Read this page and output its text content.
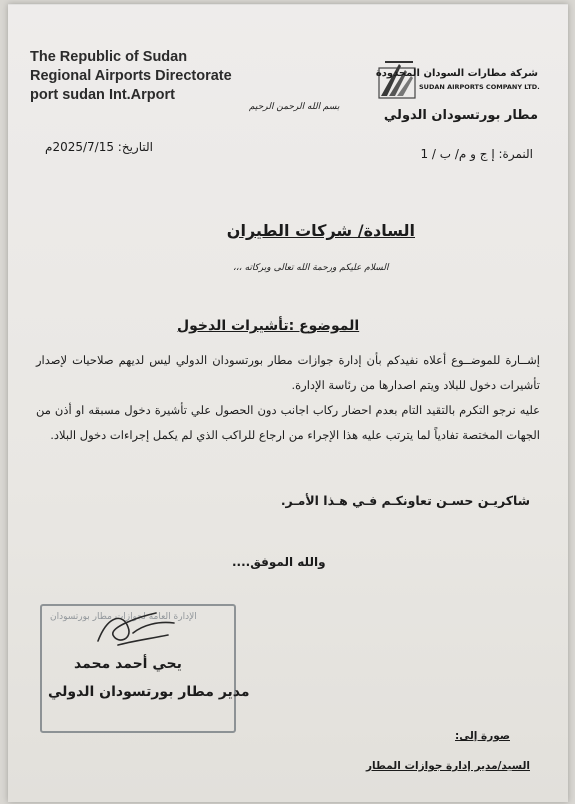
The Republic of Sudan
Regional Airports Directorate
port sudan Int.Arport
شركة مطارات السودان المحدودة
SUDAN AIRPORTS COMPANY LTD.
مطار بورتسودان الدولي
بسم الله الرحمن الرحيم
النمرة: إ ج و م/ ب / 1
التاريخ: 2025/7/15م
السادة/ شركات الطيران
السلام عليكم ورحمة الله تعالى وبركاته ،،،
الموضوع :تأشيرات الدخول

إشــارة للموضــوع أعلاه نفيدكم بأن إدارة جوازات مطار بورتسودان الدولي ليس لديهم صلاحيات لإصدار تأشيرات دخول للبلاد ويتم اصدارها من رئاسة الإدارة.

عليه نرجو التكرم بالتقيد التام بعدم احضار ركاب اجانب دون الحصول علي تأشيرة دخول مسبقه او أذن من الجهات المختصة تفادياً لما يترتب عليه هذا الإجراء من ارجاع للراكب الذي لم يكمل إجراءات دخول البلاد.

شاكريـن حسـن تعاونكـم فـي هـذا الأمـر.
والله الموفق....
الإدارة العامة لجوازات مطار بورتسودان
يحي أحمد محمد
مدير مطار بورتسودان الدولي
صورة إلى:
السيد/مدير إدارة جوازات المطار
